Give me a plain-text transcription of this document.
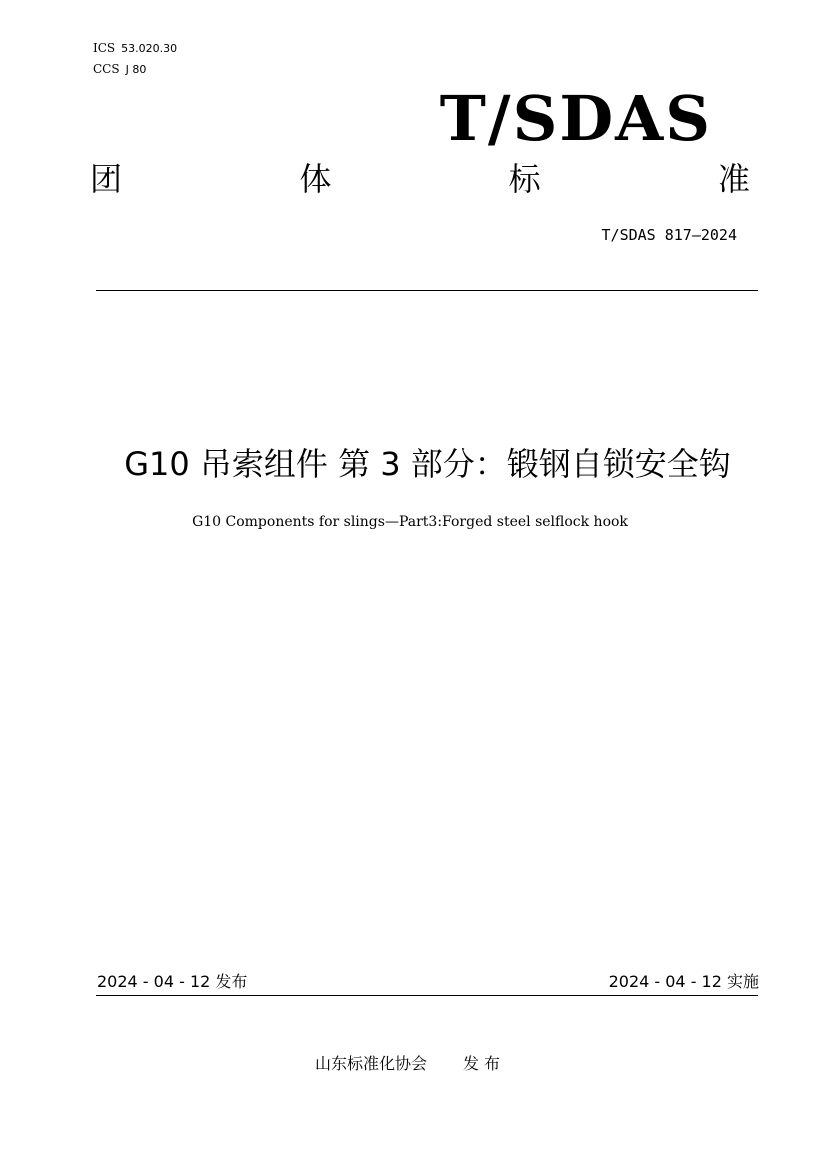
ICS 53.020.30
CCS J 80
T/SDAS
团	体	标	准
T/SDAS 817—2024
G10 吊索组件 第 3 部分：锻钢自锁安全钩
G10 Components for slings—Part3:Forged steel selflock hook
2024 - 04 - 12 发布	2024 - 04 - 12 实施
山东标准化协会 发 布
